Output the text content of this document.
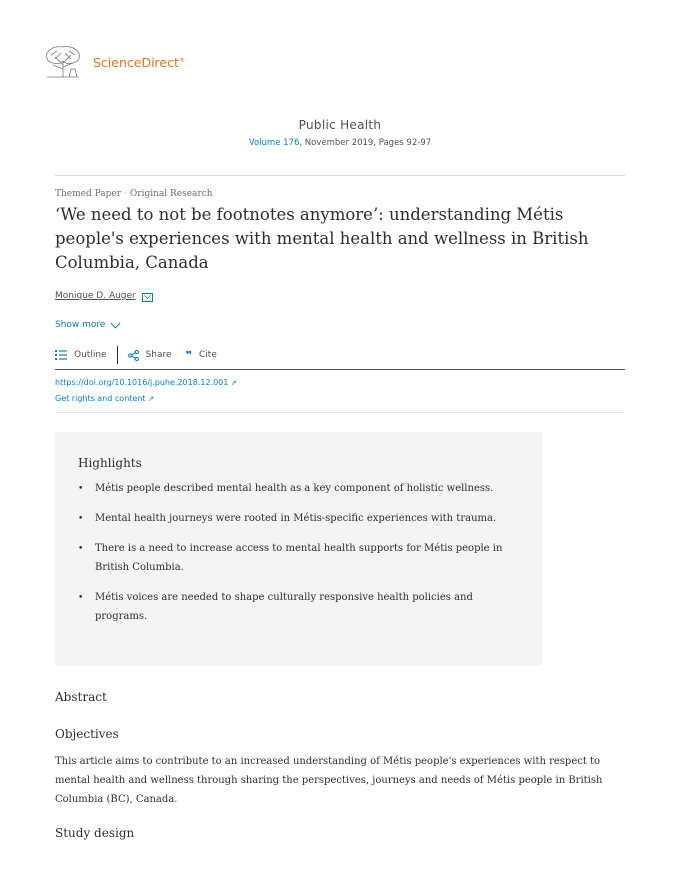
ScienceDirect®
Public Health
Volume 176, November 2019, Pages 92-97
Themed Paper · Original Research
‘We need to not be footnotes anymore’: understanding Métis people's experiences with mental health and wellness in British Columbia, Canada
Monique D. Auger
Show more
Outline	Share ❞ Cite
https://doi.org/10.1016/j.puhe.2018.12.001 ↗
Get rights and content ↗
Highlights
•
Métis people described mental health as a key component of holistic wellness.
•
Mental health journeys were rooted in Métis-specific experiences with trauma.
•
There is a need to increase access to mental health supports for Métis people in British Columbia.
•
Métis voices are needed to shape culturally responsive health policies and programs.
Abstract
Objectives
This article aims to contribute to an increased understanding of Métis people's experiences with respect to mental health and wellness through sharing the perspectives, journeys and needs of Métis people in British Columbia (BC), Canada.
Study design
